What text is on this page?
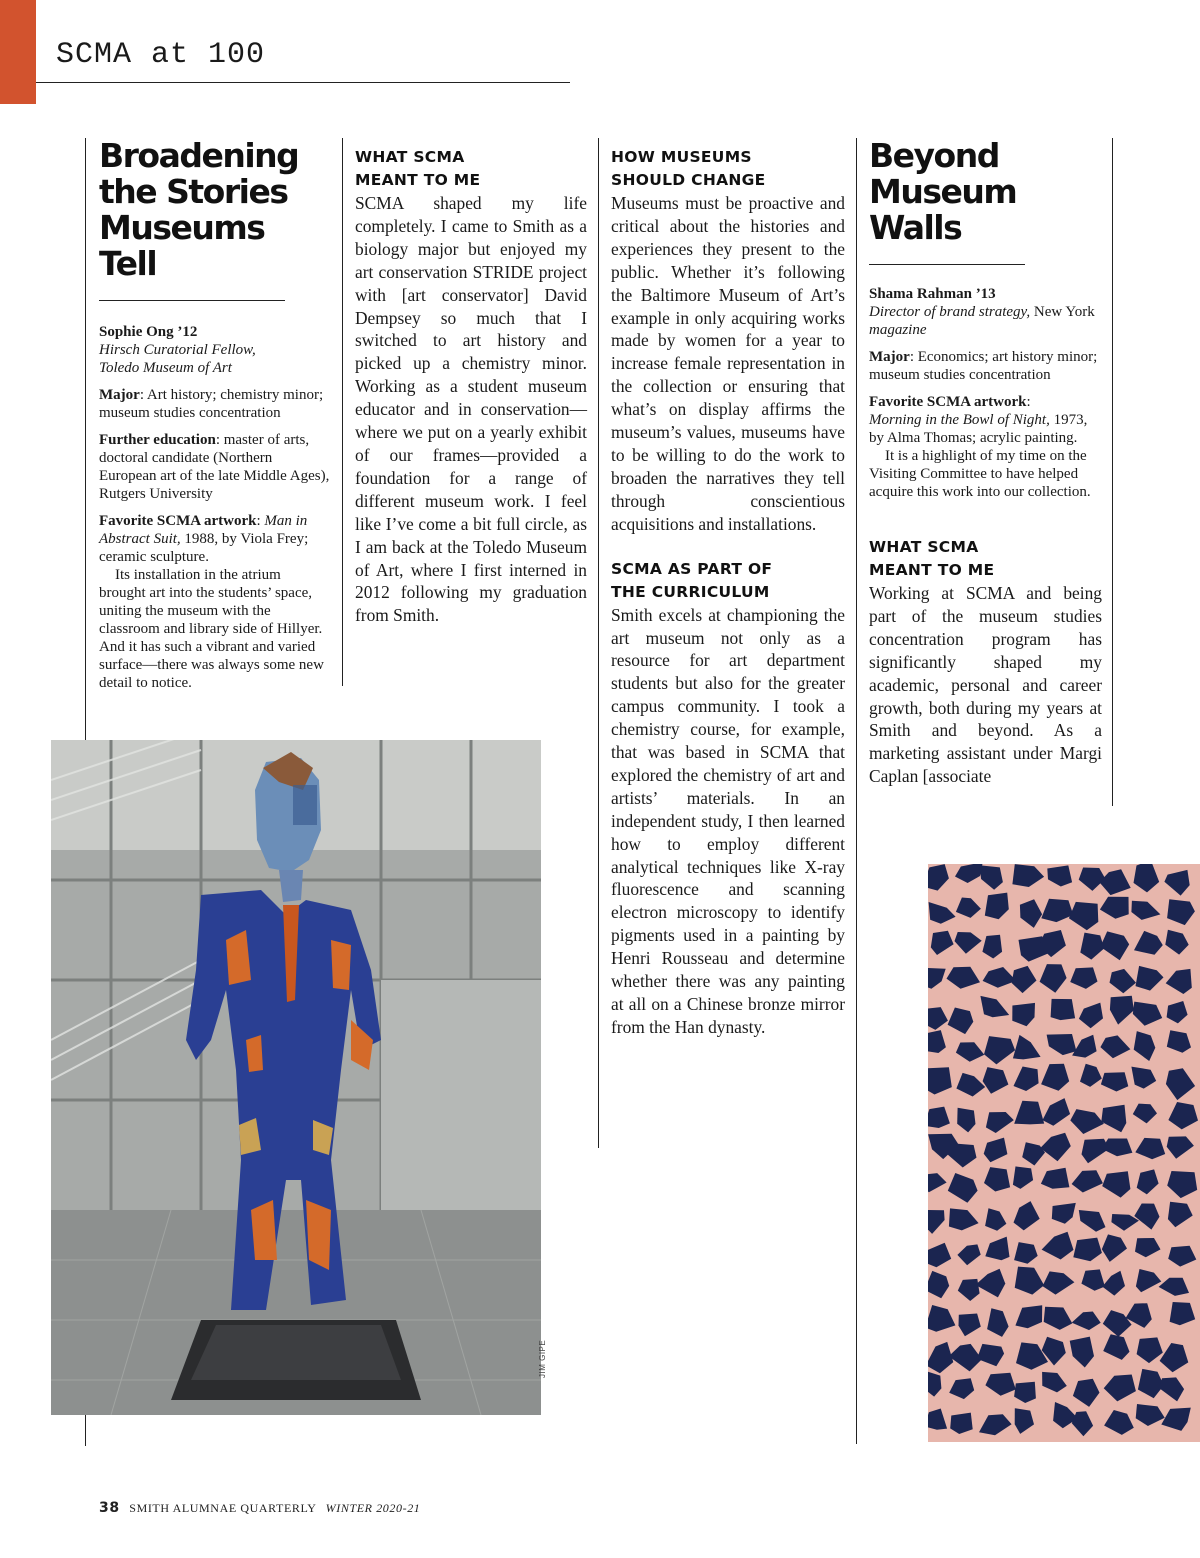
SCMA at 100
Broadening
the Stories
Museums Tell

Sophie Ong ’12
Hirsch Curatorial Fellow,
Toledo Museum of Art

Major: Art history; chemistry minor; museum studies concentration

Further education: master of arts, doctoral candidate (Northern European art of the late Middle Ages), Rutgers University

Favorite SCMA artwork: Man in Abstract Suit, 1988, by Viola Frey; ceramic sculpture.

Its installation in the atrium brought art into the students’ space, uniting the museum with the classroom and library side of Hillyer. And it has such a vibrant and varied surface—there was always some new detail to notice.

WHAT SCMA
MEANT TO ME

SCMA shaped my life completely. I came to Smith as a biology major but enjoyed my art conservation STRIDE project with [art conservator] David Dempsey so much that I switched to art history and picked up a chemistry minor. Working as a student museum educator and in conservation—where we put on a yearly exhibit of our frames—provided a foundation for a range of different museum work. I feel like I’ve come a bit full circle, as I am back at the Toledo Museum of Art, where I first interned in 2012 following my graduation from Smith.

HOW MUSEUMS
SHOULD CHANGE

Museums must be proactive and critical about the histories and experiences they present to the public. Whether it’s following the Baltimore Museum of Art’s example in only acquiring works made by women for a year to increase female representation in the collection or ensuring that what’s on display affirms the museum’s values, museums have to be willing to do the work to broaden the narratives they tell through conscientious acquisitions and installations.

SCMA AS PART OF
THE CURRICULUM

Smith excels at championing the art museum not only as a resource for art department students but also for the greater campus community. I took a chemistry course, for example, that was based in SCMA that explored the chemistry of art and artists’ materials. In an independent study, I then learned how to employ different analytical techniques like X-ray fluorescence and scanning electron microscopy to identify pigments used in a painting by Henri Rousseau and determine whether there was any painting at all on a Chinese bronze mirror from the Han dynasty.

Beyond
Museum Walls

Shama Rahman ’13
Director of brand strategy, New York magazine

Major: Economics; art history minor; museum studies concentration

Favorite SCMA artwork:
Morning in the Bowl of Night, 1973, by Alma Thomas; acrylic painting.

It is a highlight of my time on the Visiting Committee to have helped acquire this work into our collection.

WHAT SCMA
MEANT TO ME

Working at SCMA and being part of the museum studies concentration program has significantly shaped my academic, personal and career growth, both during my years at Smith and beyond. As a marketing assistant under Margi Caplan [associate

JIM GIPE
38 SMITH ALUMNAE QUARTERLY WINTER 2020-21
